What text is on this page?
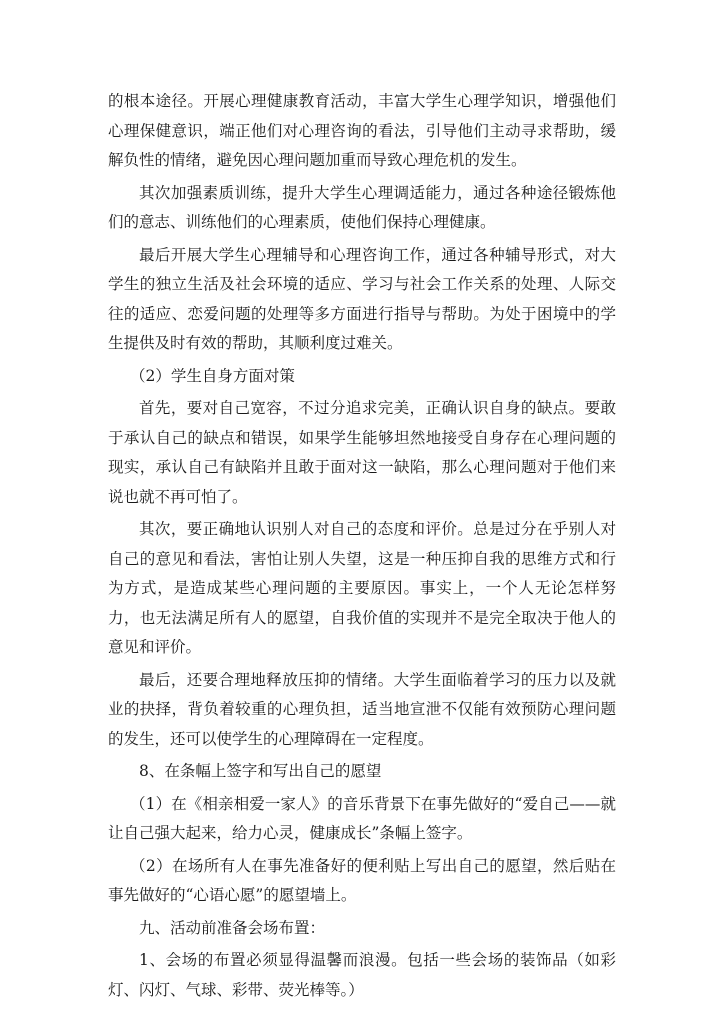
的根本途径。开展心理健康教育活动，丰富大学生心理学知识，增强他们心理保健意识，端正他们对心理咨询的看法，引导他们主动寻求帮助，缓解负性的情绪，避免因心理问题加重而导致心理危机的发生。

其次加强素质训练，提升大学生心理调适能力，通过各种途径锻炼他们的意志、训练他们的心理素质，使他们保持心理健康。

最后开展大学生心理辅导和心理咨询工作，通过各种辅导形式，对大学生的独立生活及社会环境的适应、学习与社会工作关系的处理、人际交往的适应、恋爱问题的处理等多方面进行指导与帮助。为处于困境中的学生提供及时有效的帮助，其顺利度过难关。

（2）学生自身方面对策

首先，要对自己宽容，不过分追求完美，正确认识自身的缺点。要敢于承认自己的缺点和错误，如果学生能够坦然地接受自身存在心理问题的现实，承认自己有缺陷并且敢于面对这一缺陷，那么心理问题对于他们来说也就不再可怕了。

其次，要正确地认识别人对自己的态度和评价。总是过分在乎别人对自己的意见和看法，害怕让别人失望，这是一种压抑自我的思维方式和行为方式，是造成某些心理问题的主要原因。事实上，一个人无论怎样努力，也无法满足所有人的愿望，自我价值的实现并不是完全取决于他人的意见和评价。

最后，还要合理地释放压抑的情绪。大学生面临着学习的压力以及就业的抉择，背负着较重的心理负担，适当地宣泄不仅能有效预防心理问题的发生，还可以使学生的心理障碍在一定程度。

8、在条幅上签字和写出自己的愿望

（1）在《相亲相爱一家人》的音乐背景下在事先做好的“爱自己——就让自己强大起来，给力心灵，健康成长”条幅上签字。

（2）在场所有人在事先准备好的便利贴上写出自己的愿望，然后贴在事先做好的“心语心愿”的愿望墙上。

九、活动前准备会场布置：

1、会场的布置必须显得温馨而浪漫。包括一些会场的装饰品（如彩灯、闪灯、气球、彩带、荧光棒等。）
